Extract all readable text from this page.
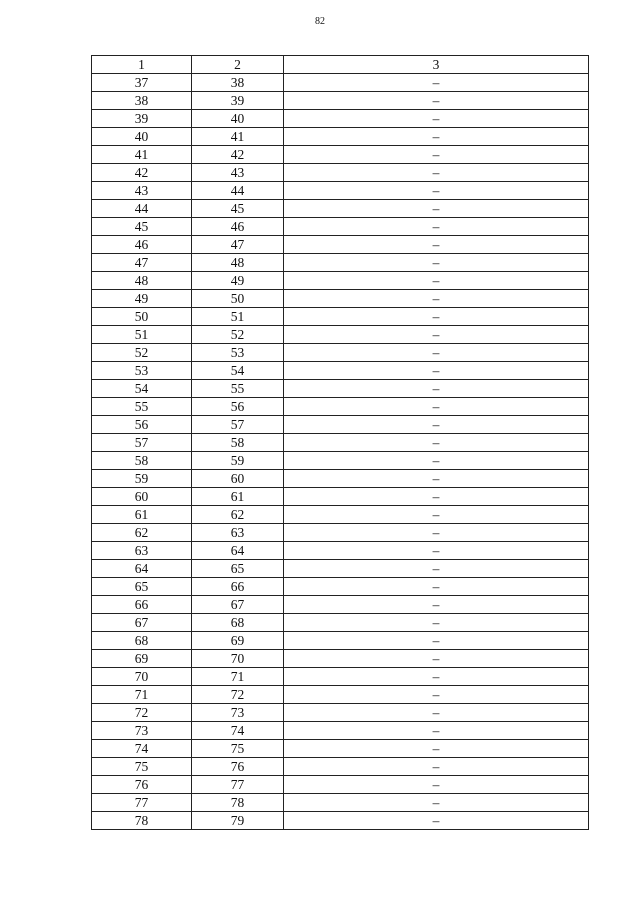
82
1	2	3
37	38	–
38	39	–
39	40	–
40	41	–
41	42	–
42	43	–
43	44	–
44	45	–
45	46	–
46	47	–
47	48	–
48	49	–
49	50	–
50	51	–
51	52	–
52	53	–
53	54	–
54	55	–
55	56	–
56	57	–
57	58	–
58	59	–
59	60	–
60	61	–
61	62	–
62	63	–
63	64	–
64	65	–
65	66	–
66	67	–
67	68	–
68	69	–
69	70	–
70	71	–
71	72	–
72	73	–
73	74	–
74	75	–
75	76	–
76	77	–
77	78	–
78	79	–
